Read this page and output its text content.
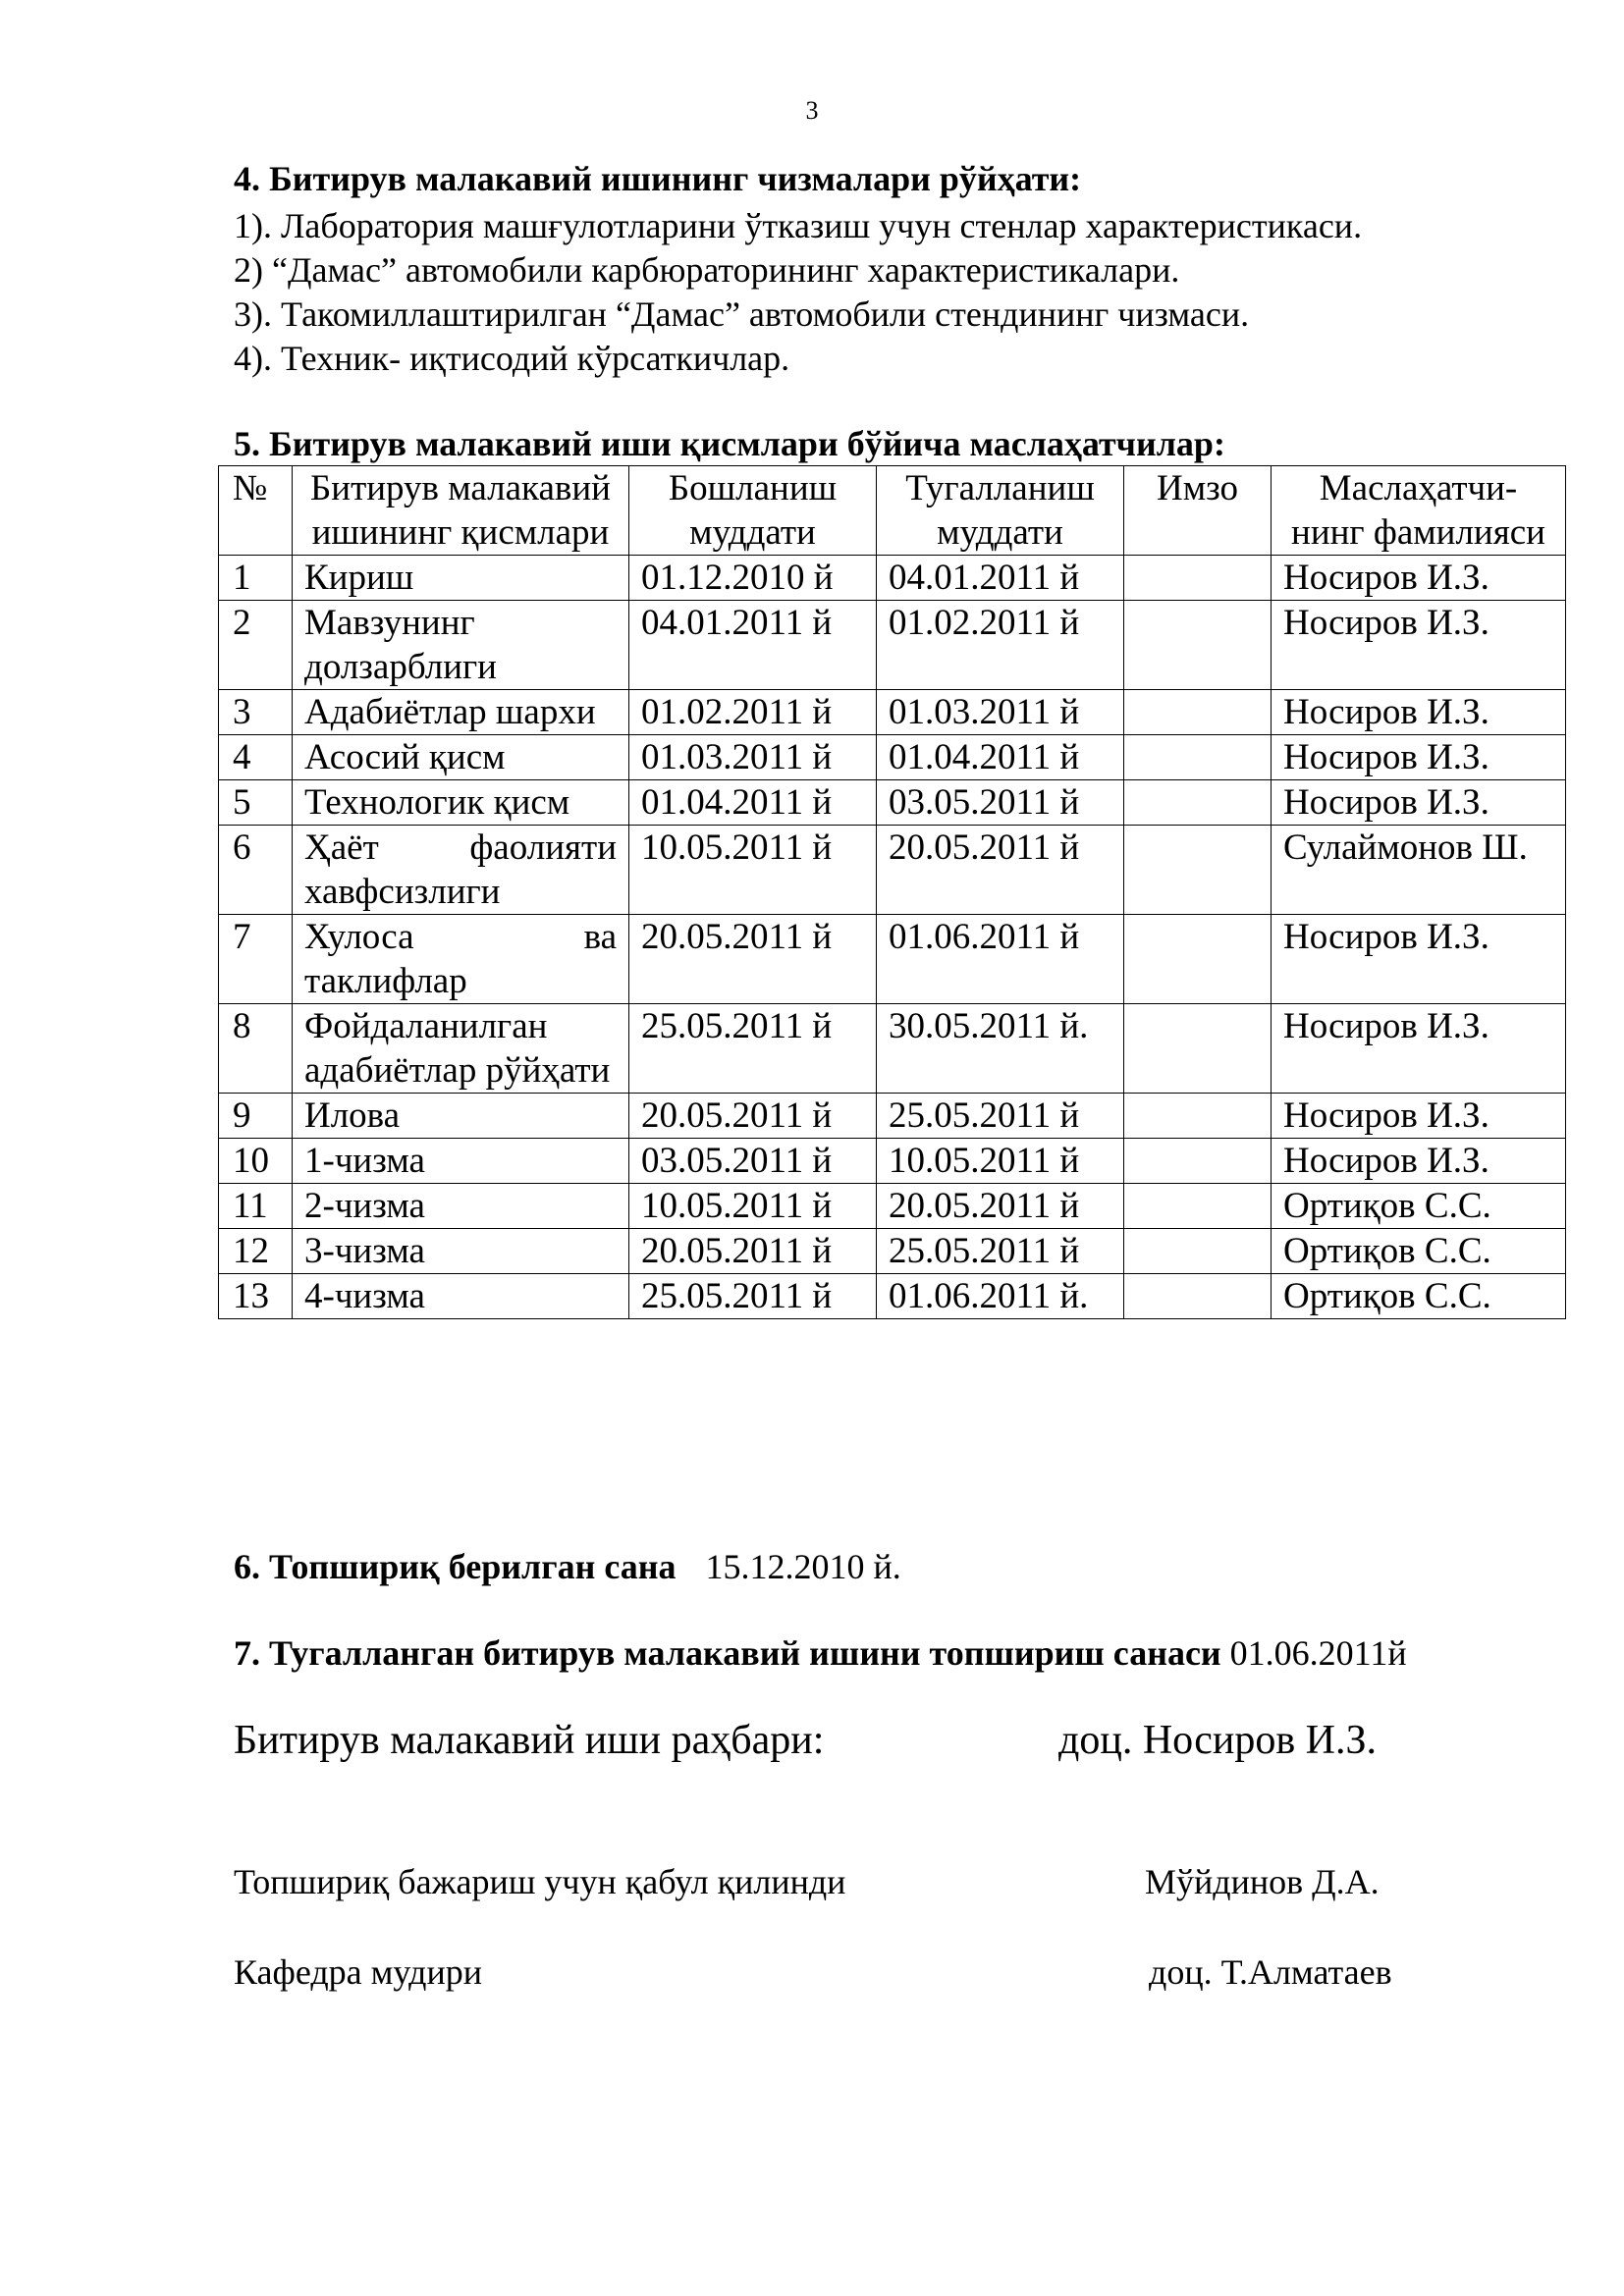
3
4. Битирув малакавий ишининг чизмалари рўйҳати:
1). Лаборатория машғулотларини ўтказиш учун стенлар характеристикаси.
2) “Дамас” автомобили карбюраторининг характеристикалари.
3). Такомиллаштирилган “Дамас” автомобили стендининг чизмаси.
4). Техник- иқтисодий кўрсаткичлар.
5. Битирув малакавий иши қисмлари бўйича маслаҳатчилар:
№	Битирув малакавий ишининг қисмлари	Бошланиш муддати	Тугалланиш муддати	Имзо	Маслаҳатчи-нинг фамилияси
1	Кириш	01.12.2010 й	04.01.2011 й		Носиров И.З.
2	Мавзунинг долзарблиги	04.01.2011 й	01.02.2011 й		Носиров И.З.
3	Адабиётлар шархи	01.02.2011 й	01.03.2011 й		Носиров И.З.
4	Асосий қисм	01.03.2011 й	01.04.2011 й		Носиров И.З.
5	Технологик қисм	01.04.2011 й	03.05.2011 й		Носиров И.З.
6	Ҳаёт фаолияти хавфсизлиги	10.05.2011 й	20.05.2011 й		Сулаймонов Ш.
7	Хулоса ва таклифлар	20.05.2011 й	01.06.2011 й		Носиров И.З.
8	Фойдаланилган адабиётлар рўйҳати	25.05.2011 й	30.05.2011 й.		Носиров И.З.
9	Илова	20.05.2011 й	25.05.2011 й		Носиров И.З.
10	1-чизма	03.05.2011 й	10.05.2011 й		Носиров И.З.
11	2-чизма	10.05.2011 й	20.05.2011 й		Ортиқов С.С.
12	3-чизма	20.05.2011 й	25.05.2011 й		Ортиқов С.С.
13	4-чизма	25.05.2011 й	01.06.2011 й.		Ортиқов С.С.
6. Топшириқ берилган сана 15.12.2010 й.
7. Тугалланган битирув малакавий ишини топшириш санаси 01.06.2011й
Битирув малакавий иши раҳбари:	доц. Носиров И.З.
Топшириқ бажариш учун қабул қилинди	Мўйдинов Д.А.
Кафедра мудири	доц. Т.Алматаев
